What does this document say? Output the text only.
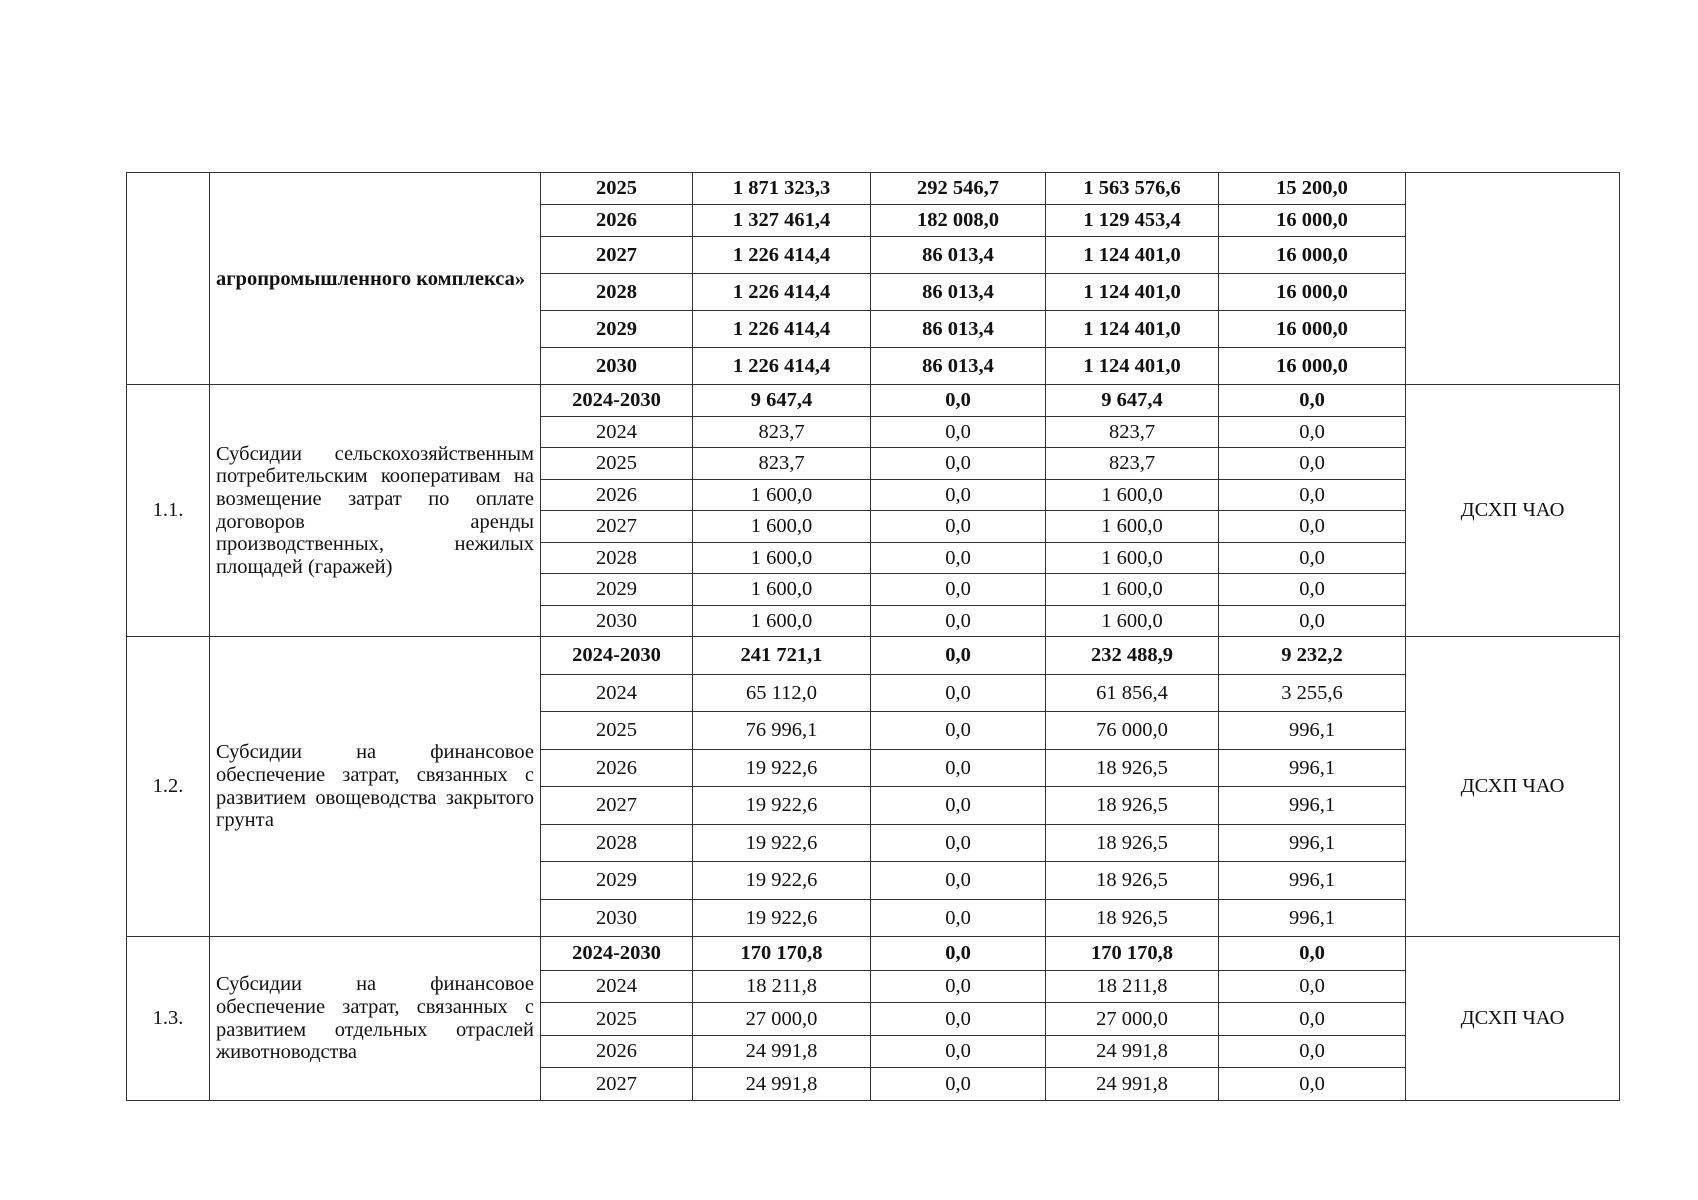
	агропромышленного комплекса»	2025	1 871 323,3	292 546,7	1 563 576,6	15 200,0	
		2026	1 327 461,4	182 008,0	1 129 453,4	16 000,0	
		2027	1 226 414,4	86 013,4	1 124 401,0	16 000,0	
		2028	1 226 414,4	86 013,4	1 124 401,0	16 000,0	
		2029	1 226 414,4	86 013,4	1 124 401,0	16 000,0	
		2030	1 226 414,4	86 013,4	1 124 401,0	16 000,0	
1.1.	Субсидии сельскохозяйственным потребительским кооперативам на возмещение затрат по оплате договоров аренды производственных, нежилых площадей (гаражей)	2024-2030	9 647,4	0,0	9 647,4	0,0	ДСХП ЧАО
		2024	823,7	0,0	823,7	0,0	
		2025	823,7	0,0	823,7	0,0	
		2026	1 600,0	0,0	1 600,0	0,0	
		2027	1 600,0	0,0	1 600,0	0,0	
		2028	1 600,0	0,0	1 600,0	0,0	
		2029	1 600,0	0,0	1 600,0	0,0	
		2030	1 600,0	0,0	1 600,0	0,0	
1.2.	Субсидии на финансовое обеспечение затрат, связанных с развитием овощеводства закрытого грунта	2024-2030	241 721,1	0,0	232 488,9	9 232,2	ДСХП ЧАО
		2024	65 112,0	0,0	61 856,4	3 255,6	
		2025	76 996,1	0,0	76 000,0	996,1	
		2026	19 922,6	0,0	18 926,5	996,1	
		2027	19 922,6	0,0	18 926,5	996,1	
		2028	19 922,6	0,0	18 926,5	996,1	
		2029	19 922,6	0,0	18 926,5	996,1	
		2030	19 922,6	0,0	18 926,5	996,1	
1.3.	Субсидии на финансовое обеспечение затрат, связанных с развитием отдельных отраслей животноводства	2024-2030	170 170,8	0,0	170 170,8	0,0	ДСХП ЧАО
		2024	18 211,8	0,0	18 211,8	0,0	
		2025	27 000,0	0,0	27 000,0	0,0	
		2026	24 991,8	0,0	24 991,8	0,0	
		2027	24 991,8	0,0	24 991,8	0,0	
